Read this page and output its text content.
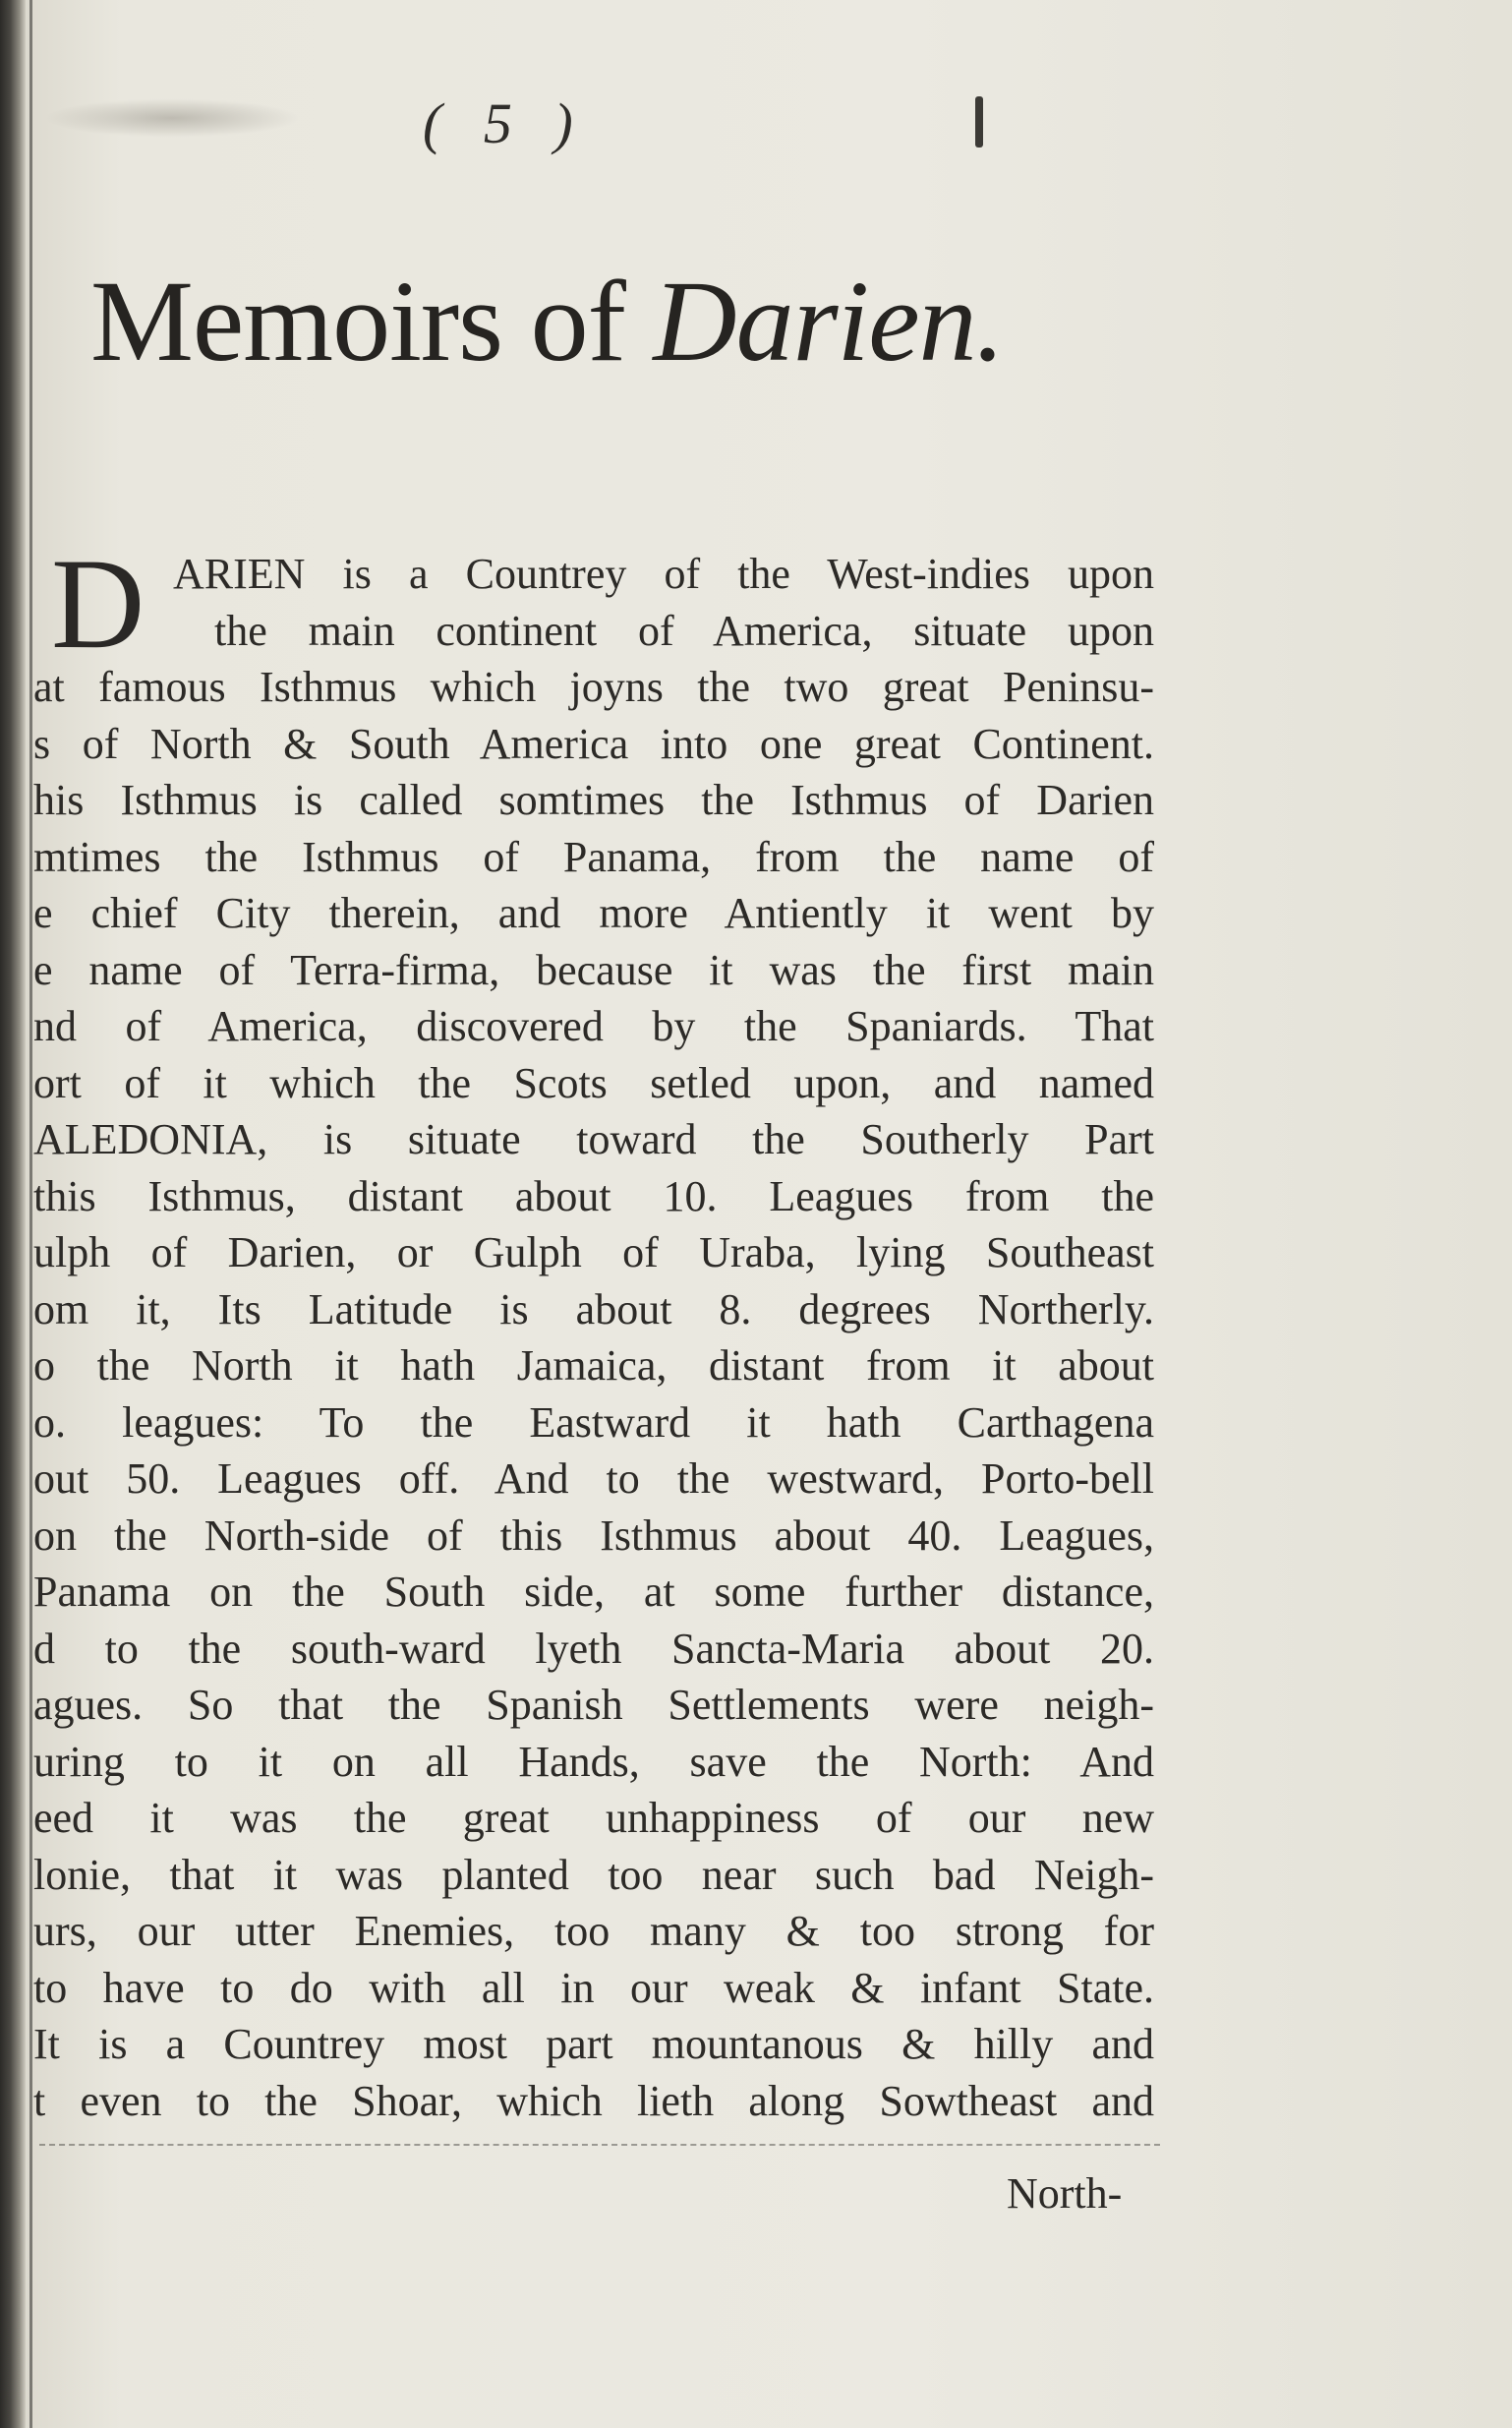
( 5 )
Memoirs of Darien.
D ARIEN is a Countrey of the West-indies upon
the main continent of America, situate upon
at famous Isthmus which joyns the two great Peninsu-
s of North & South America into one great Continent.
his Isthmus is called somtimes the Isthmus of Darien
mtimes the Isthmus of Panama, from the name of
e chief City therein, and more Antiently it went by
e name of Terra-firma, because it was the first main
nd of America, discovered by the Spaniards. That
ort of it which the Scots setled upon, and named
ALEDONIA, is situate toward the Southerly Part
this Isthmus, distant about 10. Leagues from the
ulph of Darien, or Gulph of Uraba, lying Southeast
om it, Its Latitude is about 8. degrees Northerly.
o the North it hath Jamaica, distant from it about
o. leagues: To the Eastward it hath Carthagena
out 50. Leagues off. And to the westward, Porto-bell
on the North-side of this Isthmus about 40. Leagues,
Panama on the South side, at some further distance,
d to the south-ward lyeth Sancta-Maria about 20.
agues. So that the Spanish Settlements were neigh-
uring to it on all Hands, save the North: And
eed it was the great unhappiness of our new
lonie, that it was planted too near such bad Neigh-
urs, our utter Enemies, too many & too strong for
to have to do with all in our weak & infant State.
It is a Countrey most part mountanous & hilly and
t even to the Shoar, which lieth along Sowtheast and
North-
